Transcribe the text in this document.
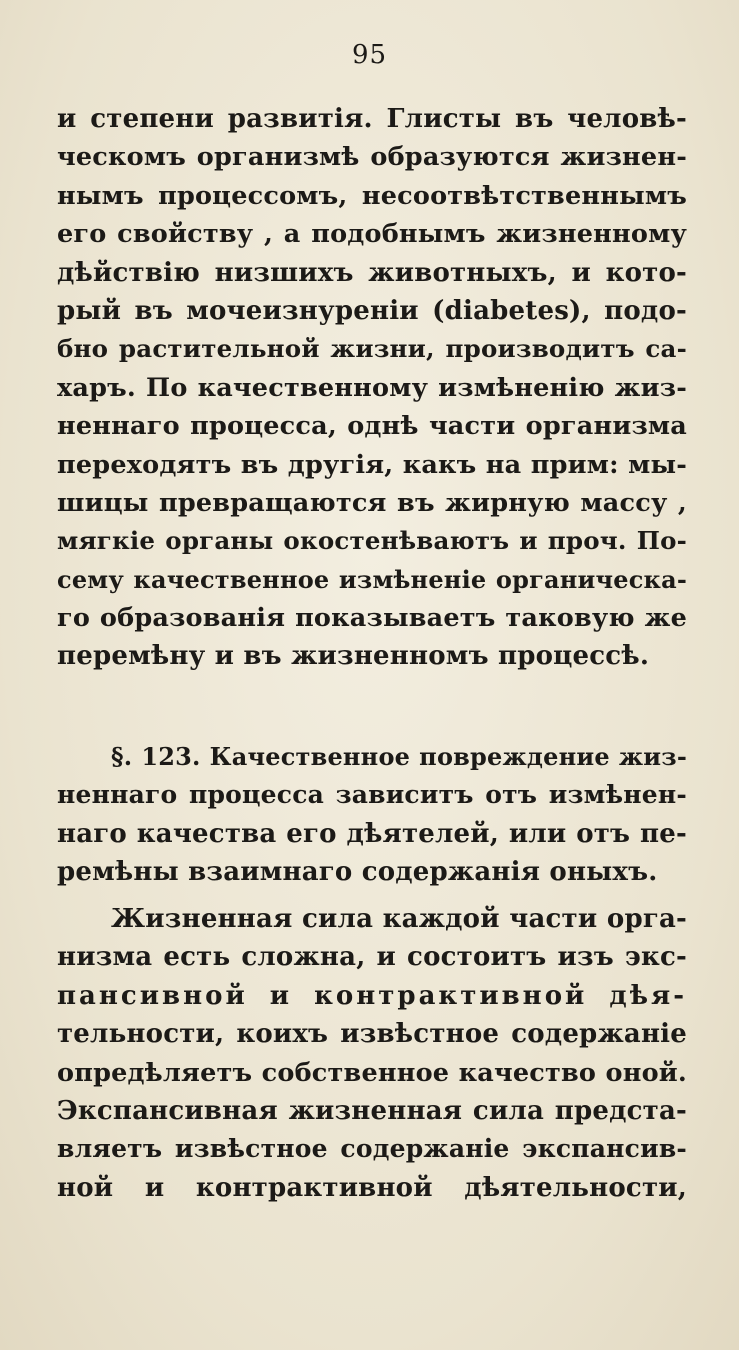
95
и степени развитія. Глисты въ человѣ-
ческомъ организмѣ образуются жизнен-
нымъ процессомъ, несоотвѣтственнымъ
его свойству , а подобнымъ жизненному
дѣйствію низшихъ животныхъ, и кото-
рый въ мочеизнуреніи (diabetes), подо-
бно растительной жизни, производитъ са-
харъ. По качественному измѣненію жиз-
неннаго процесса, однѣ части организма
переходятъ въ другія, какъ на прим: мы-
шицы превращаются въ жирную массу ,
мягкіе органы окостенѣваютъ и проч. По-
сему качественное измѣненіе органическа-
го образованія показываетъ таковую же
перемѣну и въ жизненномъ процессѣ.
§. 123. Качественное повреждение жиз-
неннаго процесса зависитъ отъ измѣнен-
наго качества его дѣятелей, или отъ пе-
ремѣны взаимнаго содержанія оныхъ.
Жизненная сила каждой части орга-
низма есть сложна, и состоитъ изъ экс-
пансивной и контрактивной дѣя-
тельности, коихъ извѣстное содержаніе
опредѣляетъ собственное качество оной.
Экспансивная жизненная сила предста-
вляетъ извѣстное содержаніе экспансив-
ной и контрактивной дѣятельности,
